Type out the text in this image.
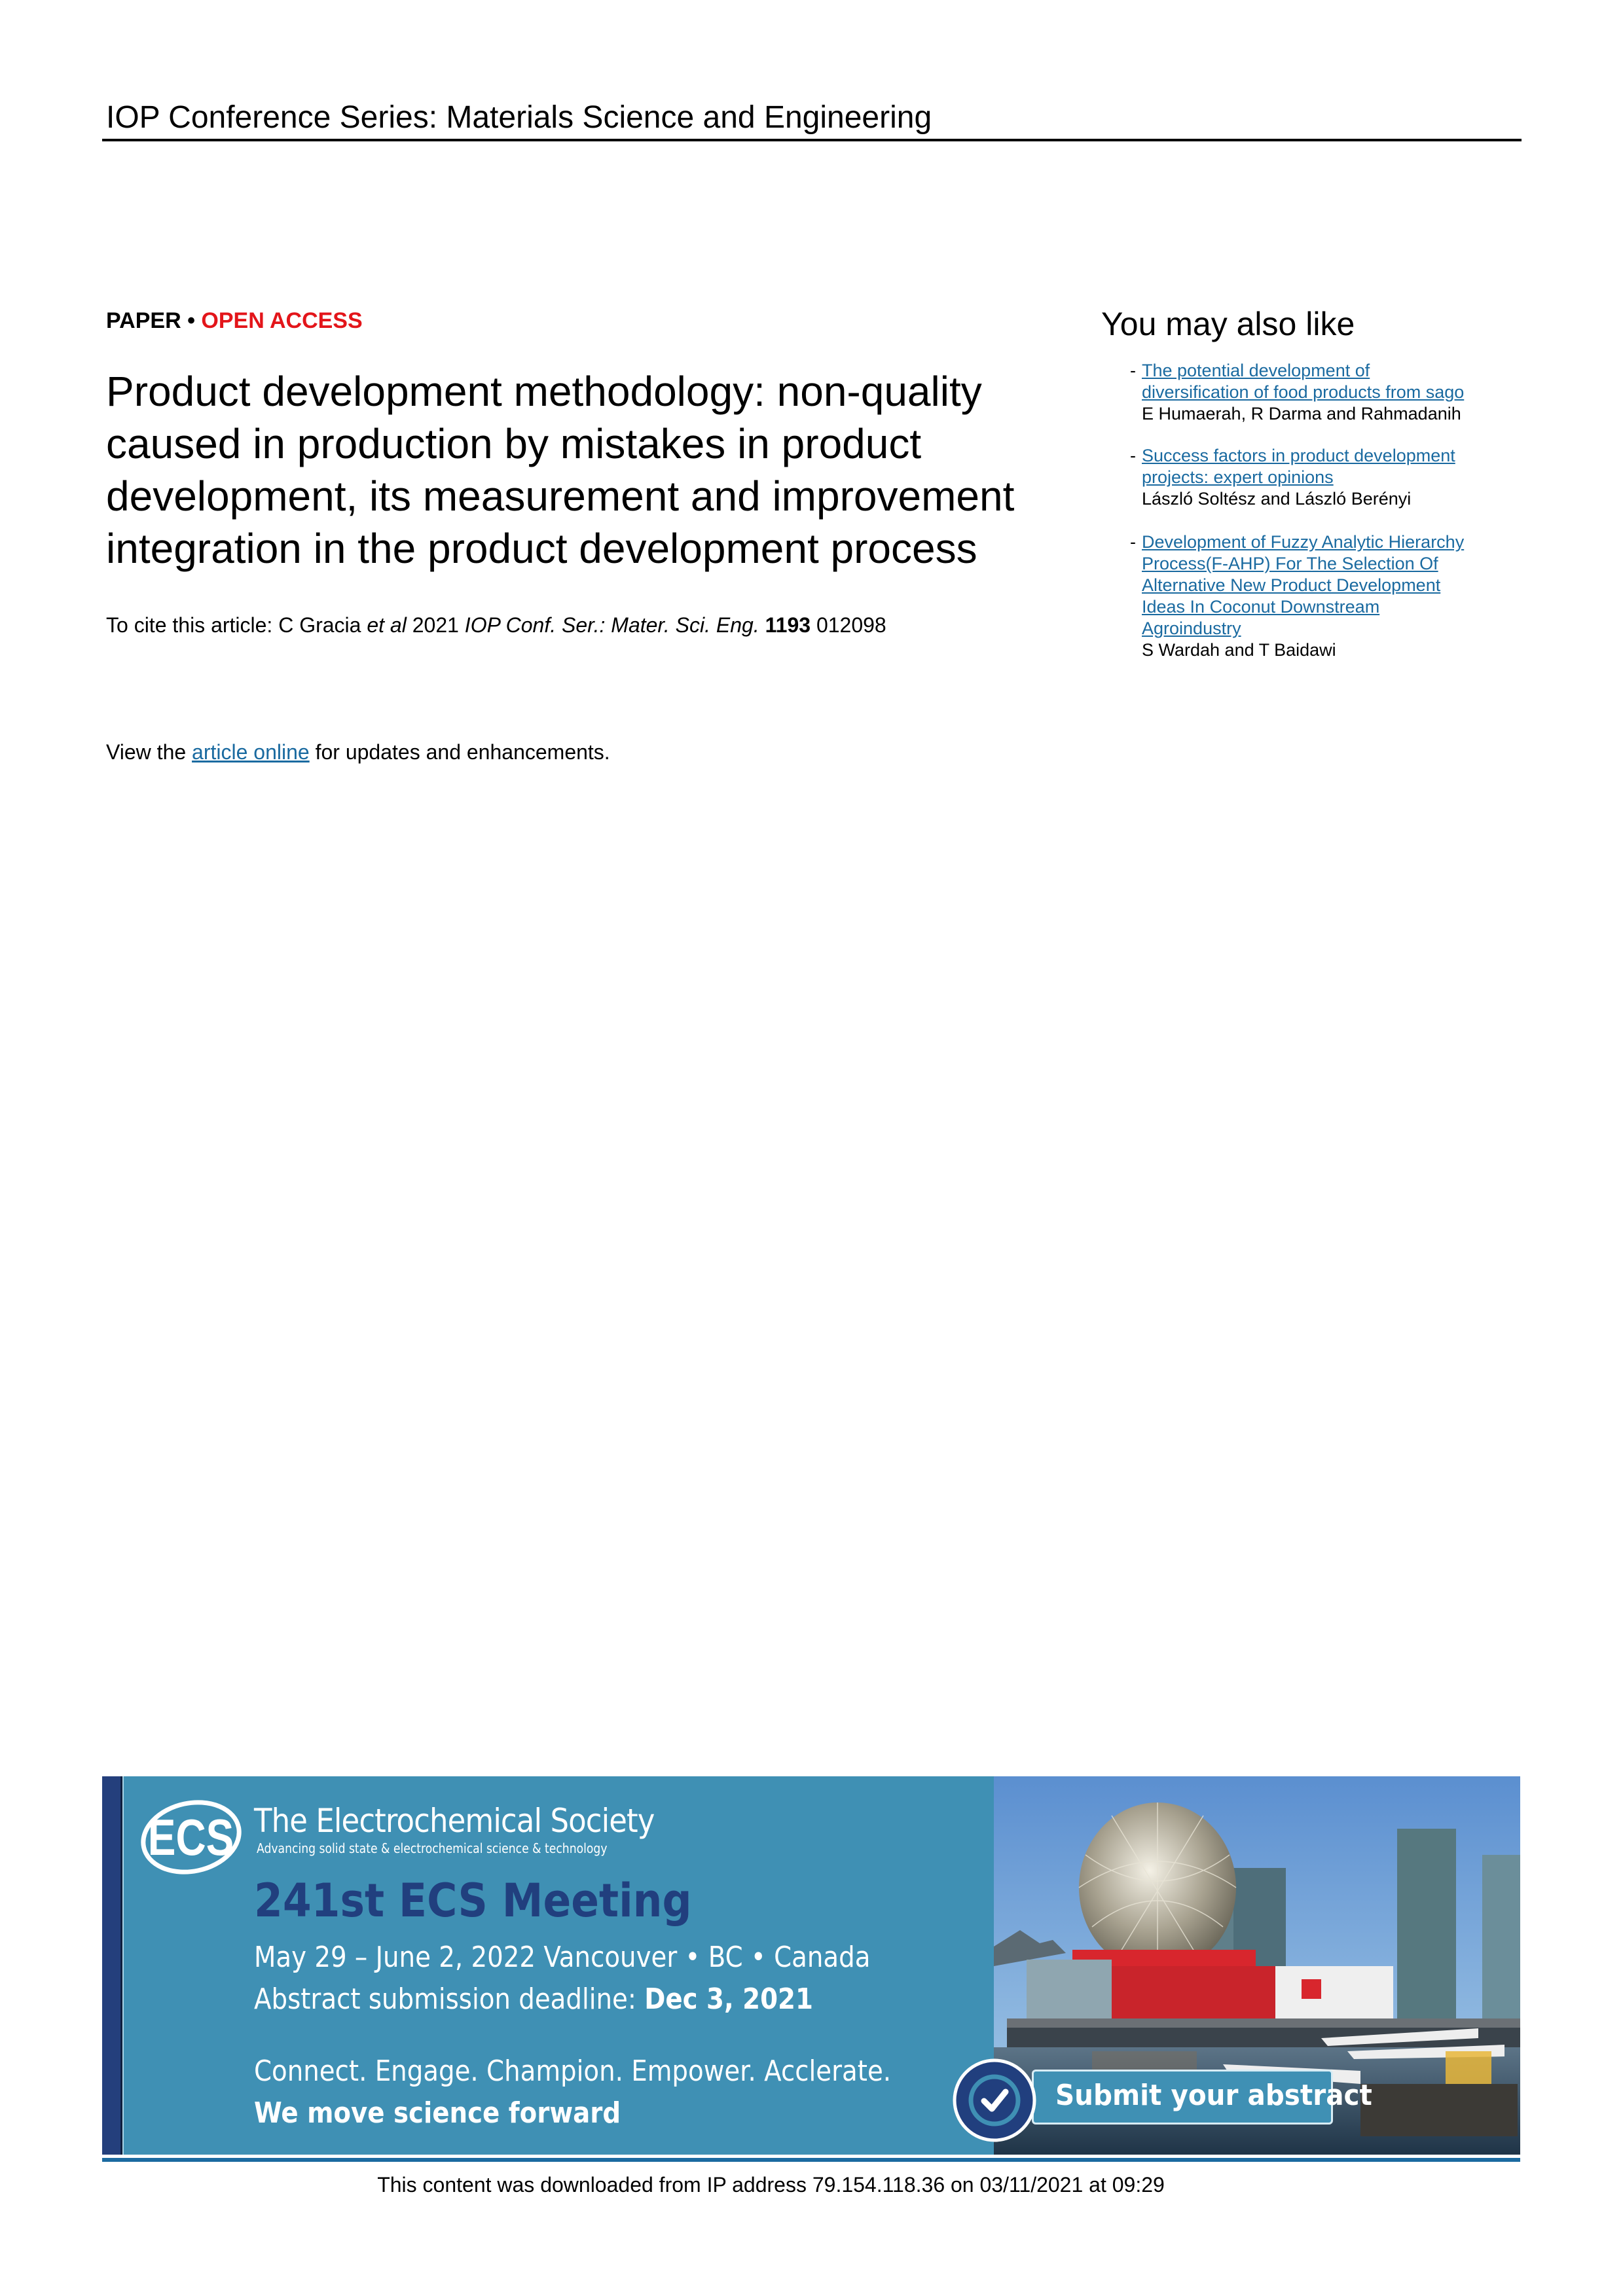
IOP Conference Series: Materials Science and Engineering
PAPER • OPEN ACCESS
Product development methodology: non-quality
caused in production by mistakes in product
development, its measurement and improvement
integration in the product development process
To cite this article: C Gracia et al 2021 IOP Conf. Ser.: Mater. Sci. Eng. 1193 012098
View the article online for updates and enhancements.
You may also like
- The potential development of
diversification of food products from sago
E Humaerah, R Darma and Rahmadanih
- Success factors in product development
projects: expert opinions
László Soltész and László Berényi
- Development of Fuzzy Analytic Hierarchy
Process(F-AHP) For The Selection Of
Alternative New Product Development
Ideas In Coconut Downstream
Agroindustry
S Wardah and T Baidawi
ECS The Electrochemical Society
Advancing solid state & electrochemical science & technology
241st ECS Meeting
May 29 – June 2, 2022 Vancouver • BC • Canada
Abstract submission deadline: Dec 3, 2021
Connect. Engage. Champion. Empower. Acclerate.
We move science forward
Submit your abstract
This content was downloaded from IP address 79.154.118.36 on 03/11/2021 at 09:29
